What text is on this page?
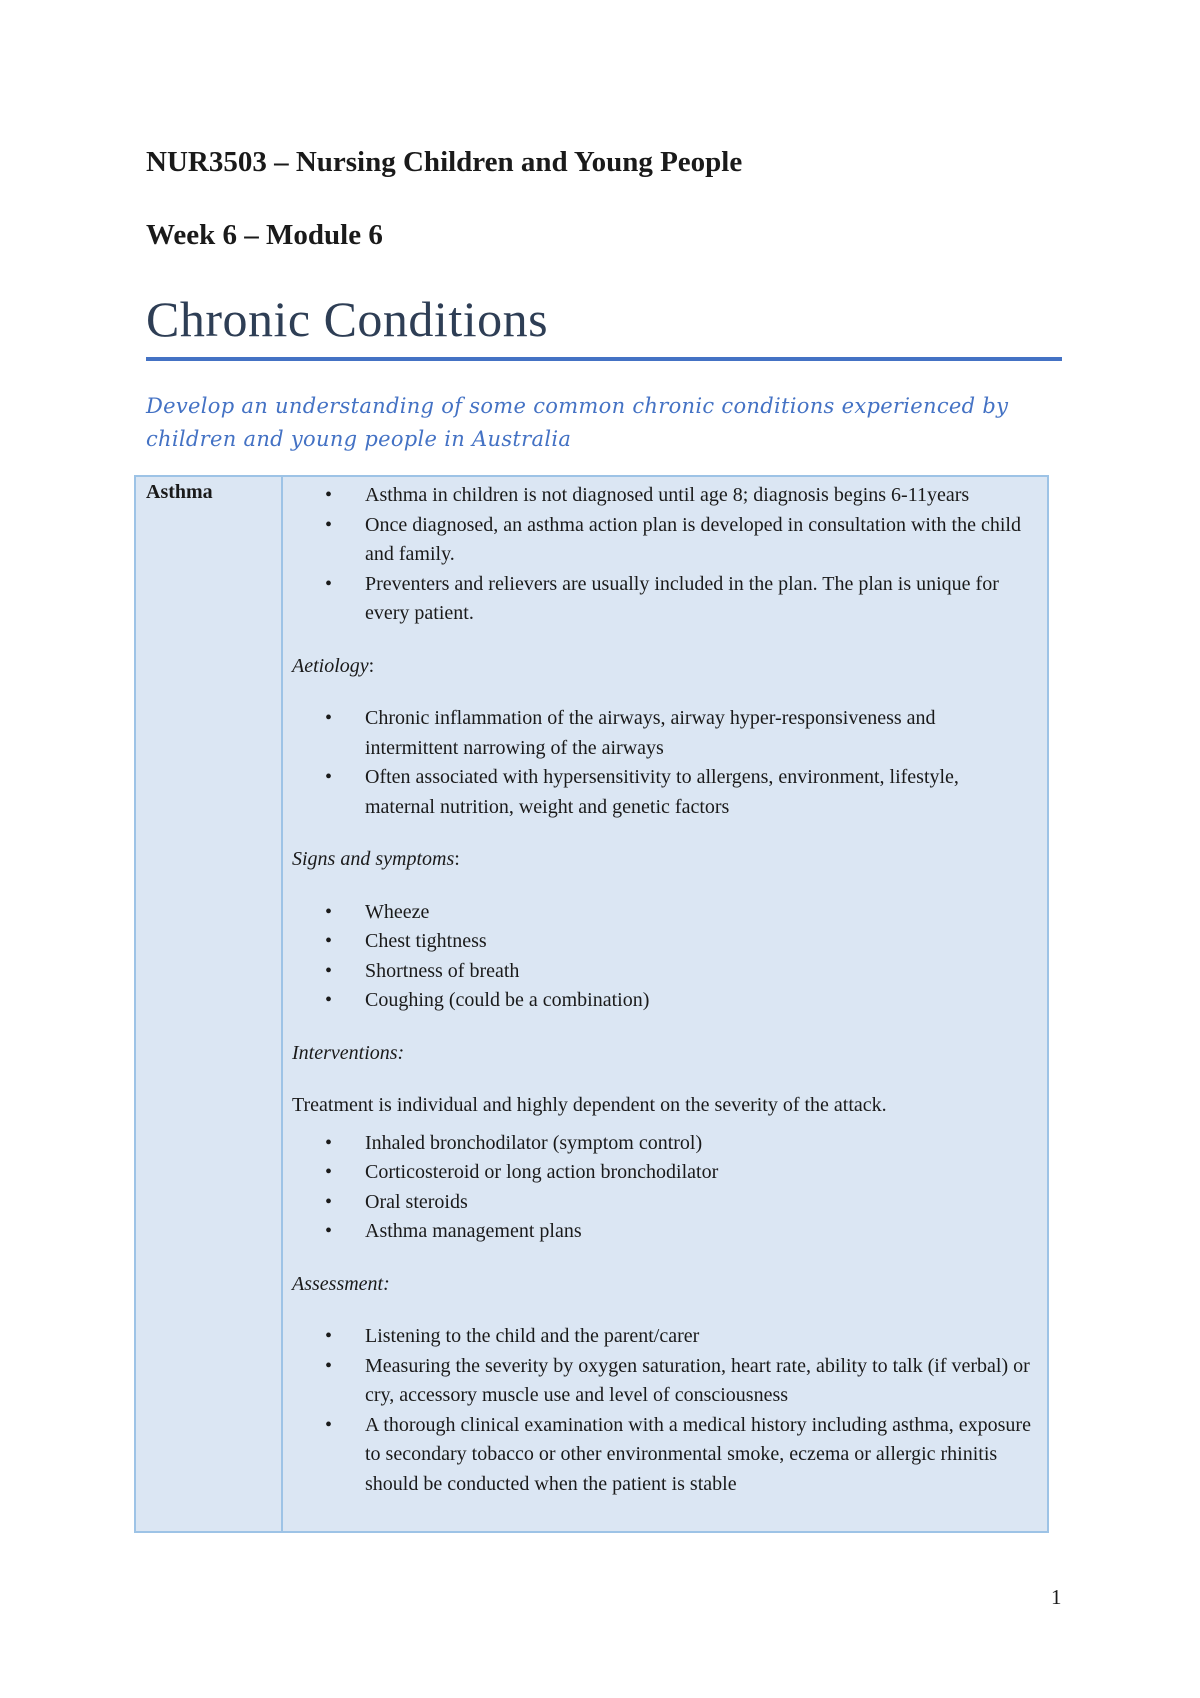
NUR3503 – Nursing Children and Young People

Week 6 – Module 6

Chronic Conditions

Develop an understanding of some common chronic conditions experienced by children and young people in Australia

Asthma
•	Asthma in children is not diagnosed until age 8; diagnosis begins 6-11years
• Once diagnosed, an asthma action plan is developed in consultation with the child and family.
• Preventers and relievers are usually included in the plan. The plan is unique for every patient.

Aetiology:

• Chronic inflammation of the airways, airway hyper-responsiveness and intermittent narrowing of the airways
• Often associated with hypersensitivity to allergens, environment, lifestyle, maternal nutrition, weight and genetic factors

Signs and symptoms:

• Wheeze
• Chest tightness
• Shortness of breath
• Coughing (could be a combination)

Interventions:

Treatment is individual and highly dependent on the severity of the attack.

• Inhaled bronchodilator (symptom control)
• Corticosteroid or long action bronchodilator
• Oral steroids
• Asthma management plans

Assessment:

• Listening to the child and the parent/carer
• Measuring the severity by oxygen saturation, heart rate, ability to talk (if verbal) or cry, accessory muscle use and level of consciousness
• A thorough clinical examination with a medical history including asthma, exposure to secondary tobacco or other environmental smoke, eczema or allergic rhinitis should be conducted when the patient is stable
1
